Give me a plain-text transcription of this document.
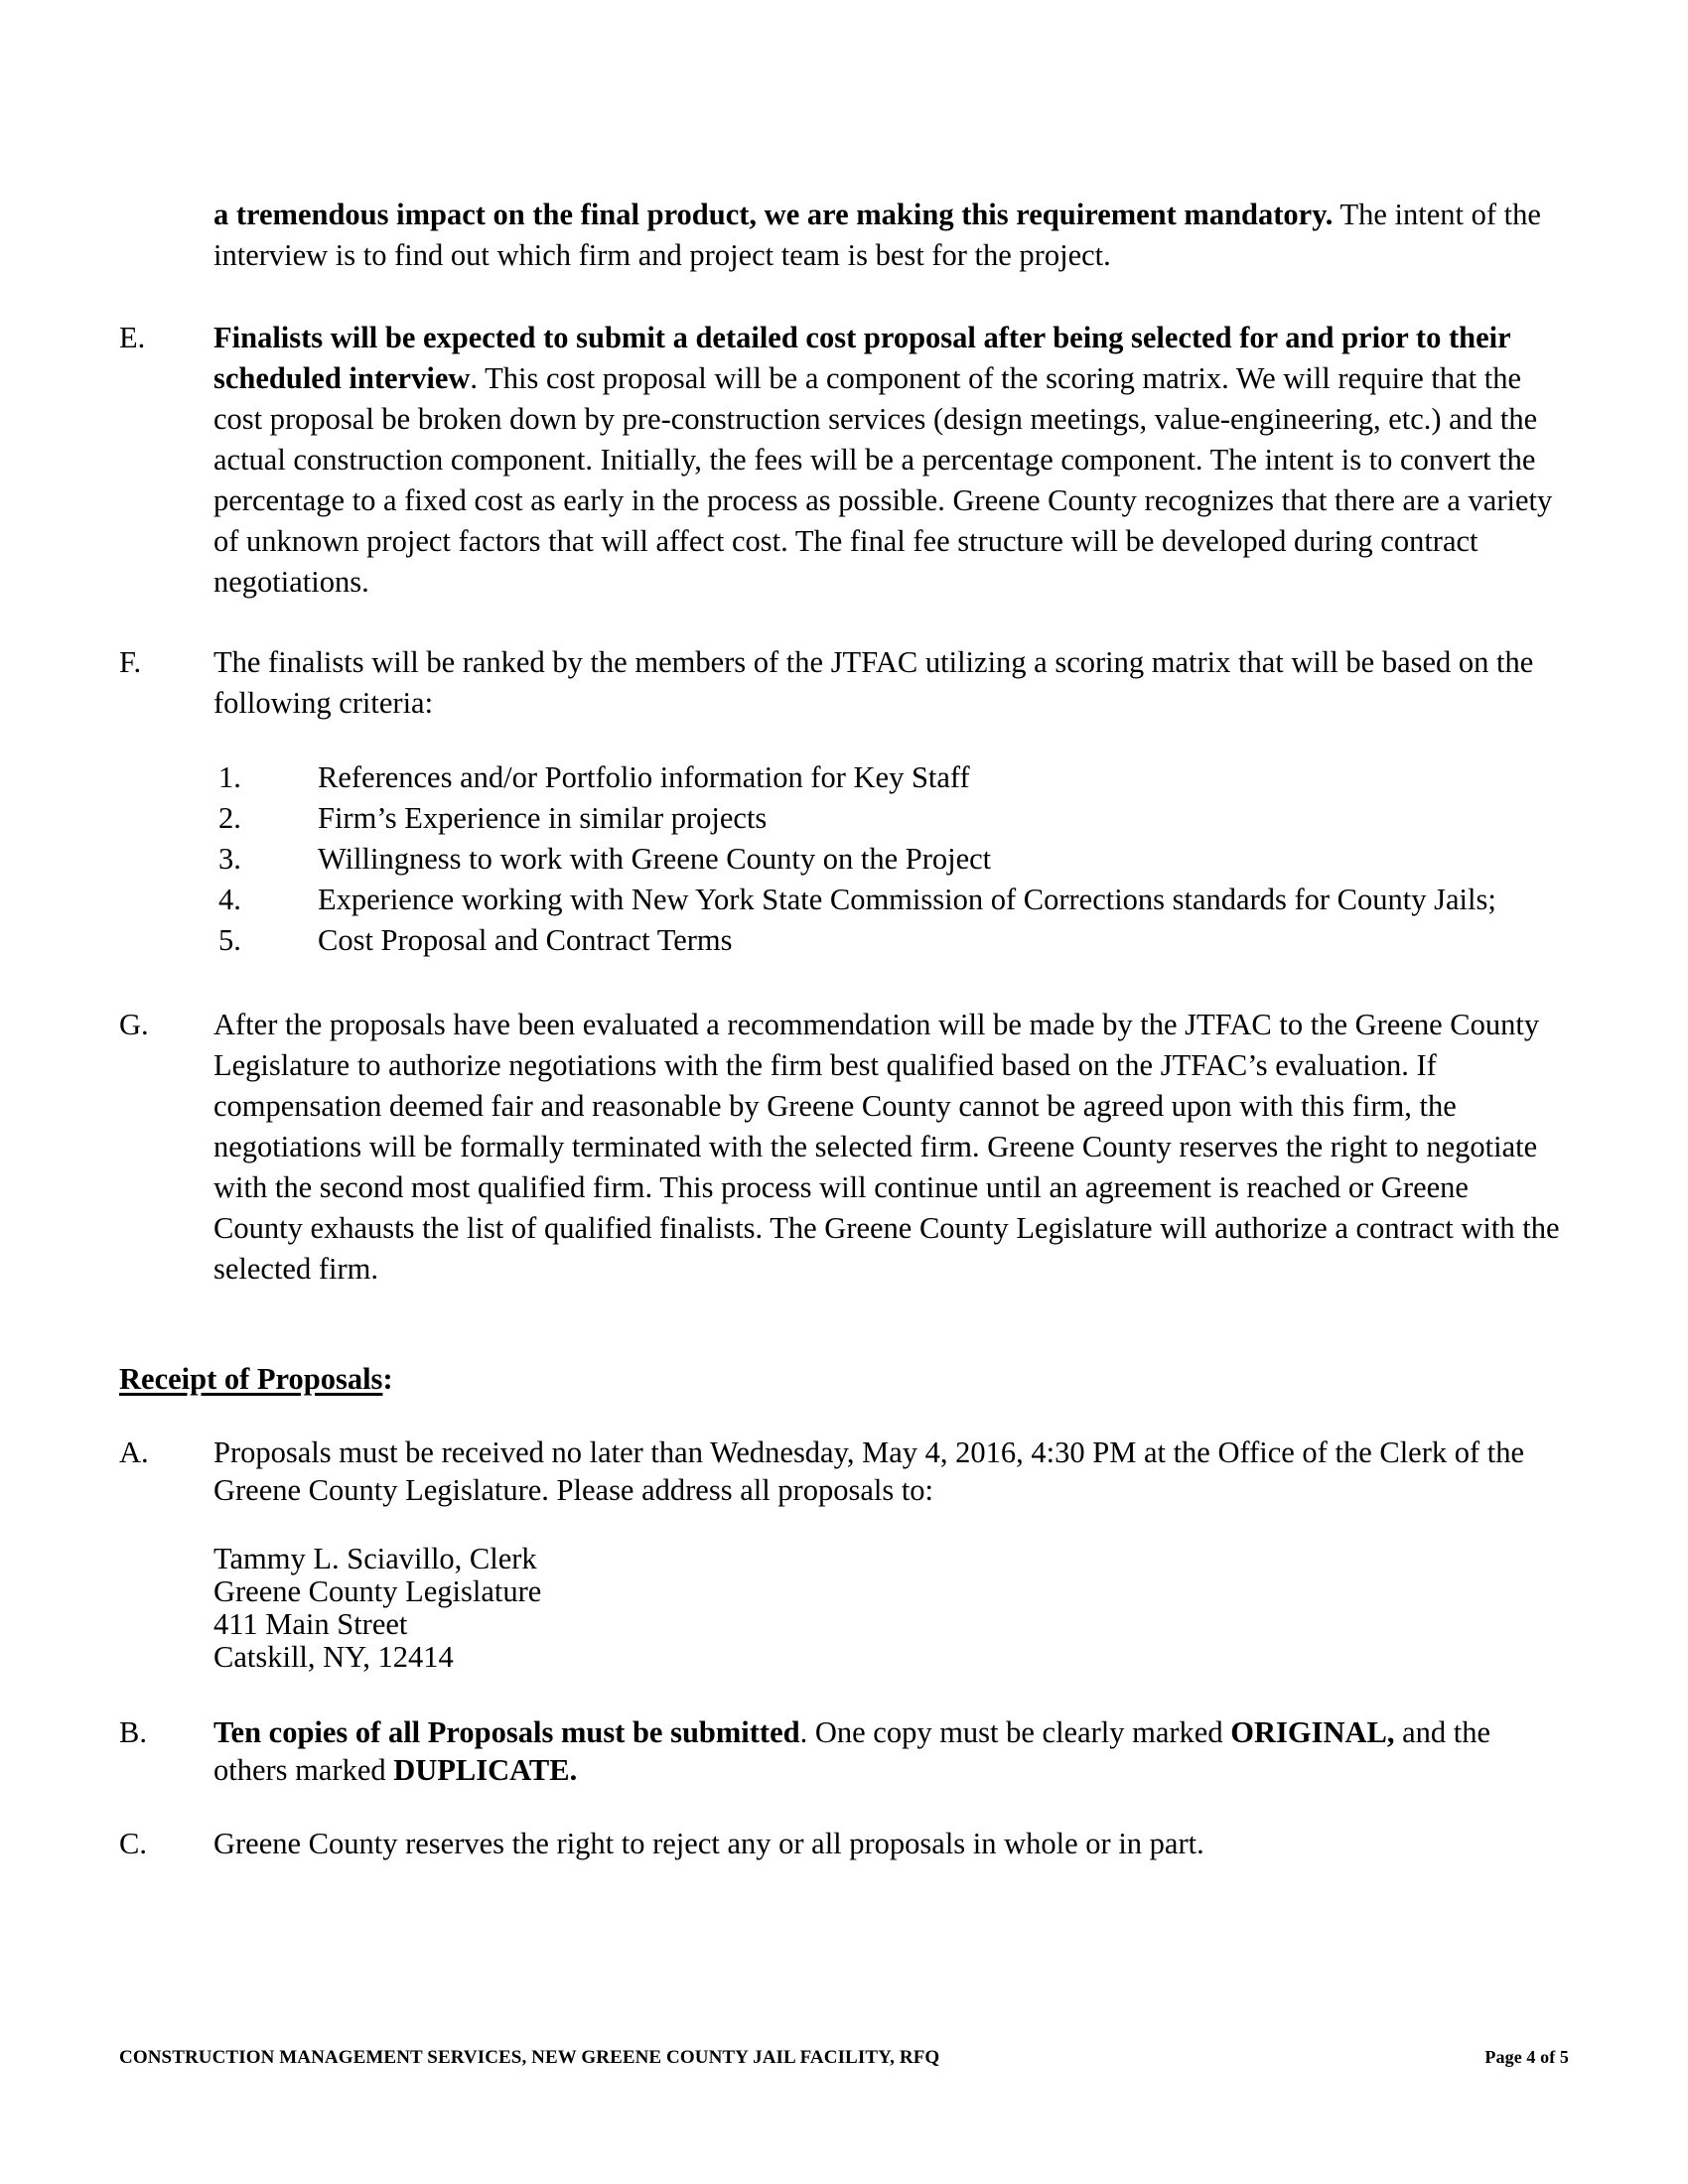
a tremendous impact on the final product, we are making this requirement mandatory. The intent of the interview is to find out which firm and project team is best for the project.
E.	Finalists will be expected to submit a detailed cost proposal after being selected for and prior to their scheduled interview. This cost proposal will be a component of the scoring matrix. We will require that the cost proposal be broken down by pre-construction services (design meetings, value-engineering, etc.) and the actual construction component. Initially, the fees will be a percentage component. The intent is to convert the percentage to a fixed cost as early in the process as possible. Greene County recognizes that there are a variety of unknown project factors that will affect cost. The final fee structure will be developed during contract negotiations.
F.	The finalists will be ranked by the members of the JTFAC utilizing a scoring matrix that will be based on the following criteria:
1.	References and/or Portfolio information for Key Staff
2.	Firm’s Experience in similar projects
3.	Willingness to work with Greene County on the Project
4.	Experience working with New York State Commission of Corrections standards for County Jails;
5.	Cost Proposal and Contract Terms
G.	After the proposals have been evaluated a recommendation will be made by the JTFAC to the Greene County Legislature to authorize negotiations with the firm best qualified based on the JTFAC’s evaluation. If compensation deemed fair and reasonable by Greene County cannot be agreed upon with this firm, the negotiations will be formally terminated with the selected firm. Greene County reserves the right to negotiate with the second most qualified firm. This process will continue until an agreement is reached or Greene County exhausts the list of qualified finalists. The Greene County Legislature will authorize a contract with the selected firm.
Receipt of Proposals:
A.	Proposals must be received no later than Wednesday, May 4, 2016, 4:30 PM at the Office of the Clerk of the Greene County Legislature. Please address all proposals to:
Tammy L. Sciavillo, Clerk
Greene County Legislature
411 Main Street
Catskill, NY, 12414
B.	Ten copies of all Proposals must be submitted. One copy must be clearly marked ORIGINAL, and the others marked DUPLICATE.
C.	Greene County reserves the right to reject any or all proposals in whole or in part.
CONSTRUCTION MANAGEMENT SERVICES, NEW GREENE COUNTY JAIL FACILITY, RFQ	Page 4 of 5
